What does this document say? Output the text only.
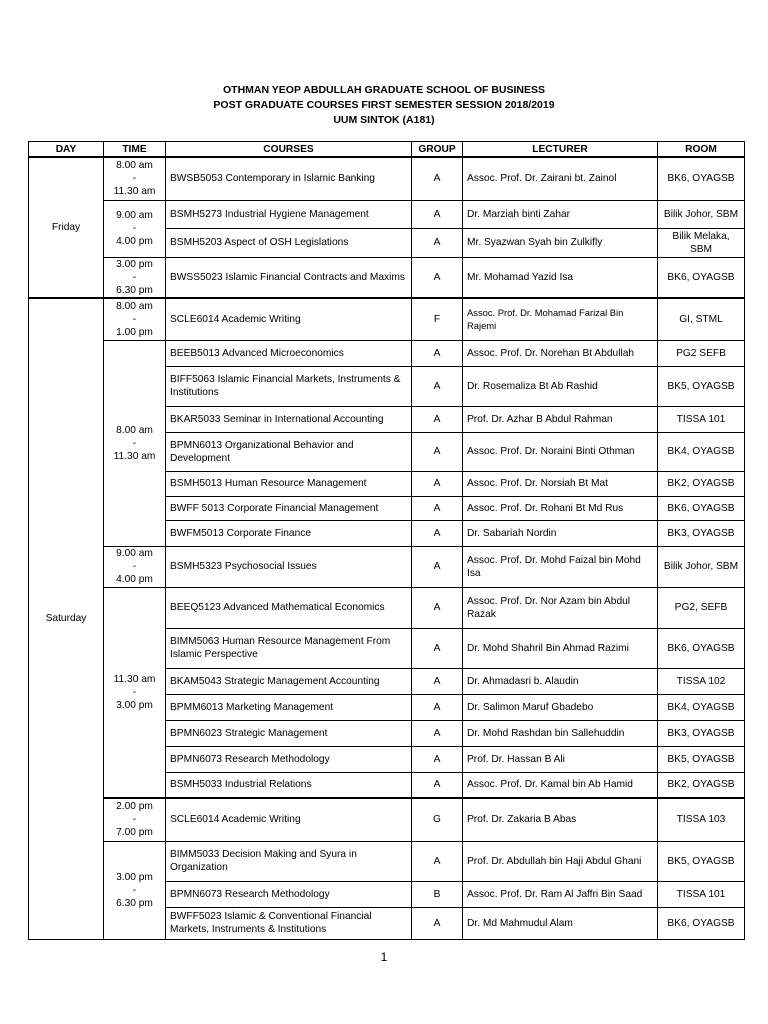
OTHMAN YEOP ABDULLAH GRADUATE SCHOOL OF BUSINESS
POST GRADUATE COURSES FIRST SEMESTER SESSION 2018/2019
UUM SINTOK (A181)
DAY	TIME	COURSES	GROUP	LECTURER	ROOM
Friday	8.00 am
-
11.30 am	BWSB5053 Contemporary in Islamic Banking	A	Assoc. Prof. Dr. Zairani bt. Zainol	BK6, OYAGSB

	9.00 am
-
4.00 pm	BSMH5273 Industrial Hygiene Management	A	Dr. Marziah binti Zahar	Bilik Johor, SBM
		BSMH5203 Aspect of OSH Legislations	A	Mr. Syazwan Syah bin Zulkifly	Bilik Melaka, SBM

	3.00 pm
-
6.30 pm	BWSS5023 Islamic Financial Contracts and Maxims	A	Mr. Mohamad Yazid Isa	BK6, OYAGSB
Saturday	8.00 am
-
1.00 pm	SCLE6014 Academic Writing	F	Assoc. Prof. Dr. Mohamad Farizal Bin Rajemi	GI, STML

	8.00 am
-
11.30 am	BEEB5013 Advanced Microeconomics	A	Assoc. Prof. Dr. Norehan Bt Abdullah	PG2 SEFB
		BIFF5063 Islamic Financial Markets, Instruments & Institutions	A	Dr. Rosemaliza Bt Ab Rashid	BK5, OYAGSB
		BKAR5033 Seminar in International Accounting	A	Prof. Dr. Azhar B Abdul Rahman	TISSA 101
		BPMN6013 Organizational Behavior and Development	A	Assoc. Prof. Dr. Noraini Binti Othman	BK4, OYAGSB
		BSMH5013 Human Resource Management	A	Assoc. Prof. Dr. Norsiah Bt Mat	BK2, OYAGSB
		BWFF 5013 Corporate Financial Management	A	Assoc. Prof. Dr. Rohani Bt Md Rus	BK6, OYAGSB
		BWFM5013 Corporate Finance	A	Dr. Sabariah Nordin	BK3, OYAGSB

	9.00 am
-
4.00 pm	BSMH5323 Psychosocial Issues	A	Assoc. Prof. Dr. Mohd Faizal bin Mohd Isa	Bilik Johor, SBM

	11.30 am
-
3.00 pm	BEEQ5123 Advanced Mathematical Economics	A	Assoc. Prof. Dr. Nor Azam bin Abdul Razak	PG2, SEFB
		BIMM5063 Human Resource Management From Islamic Perspective	A	Dr. Mohd Shahril Bin Ahmad Razimi	BK6, OYAGSB
		BKAM5043 Strategic Management Accounting	A	Dr. Ahmadasri b. Alaudin	TISSA 102
		BPMM6013 Marketing Management	A	Dr. Salimon Maruf Gbadebo	BK4, OYAGSB
		BPMN6023 Strategic Management	A	Dr. Mohd Rashdan bin Sallehuddin	BK3, OYAGSB
		BPMN6073 Research Methodology	A	Prof. Dr. Hassan B Ali	BK5, OYAGSB
		BSMH5033 Industrial Relations	A	Assoc. Prof. Dr. Kamal bin Ab Hamid	BK2, OYAGSB

	2.00 pm
-
7.00 pm	SCLE6014 Academic Writing	G	Prof. Dr. Zakaria B Abas	TISSA 103

	3.00 pm
-
6.30 pm	BIMM5033 Decision Making and Syura in Organization	A	Prof. Dr. Abdullah bin Haji Abdul Ghani	BK5, OYAGSB
		BPMN6073 Research Methodology	B	Assoc. Prof. Dr. Ram Al Jaffri Bin Saad	TISSA 101
		BWFF5023 Islamic & Conventional Financial Markets, Instruments & Institutions	A	Dr. Md Mahmudul Alam	BK6, OYAGSB
1
